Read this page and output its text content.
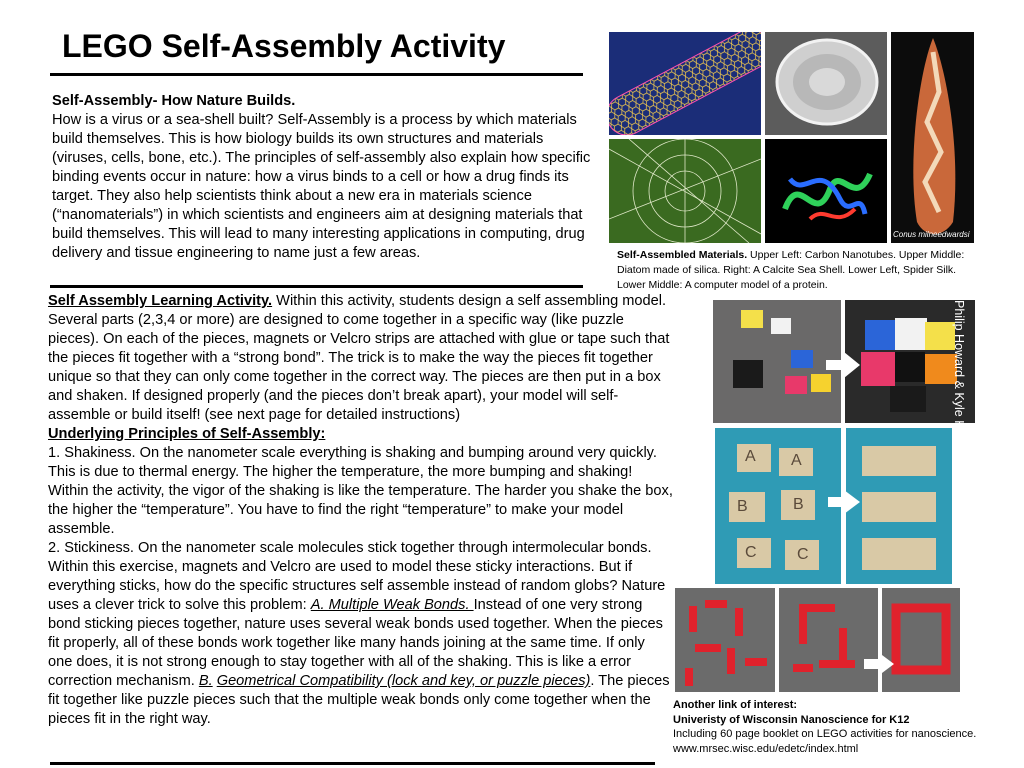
LEGO Self-Assembly Activity
Self-Assembly- How Nature Builds.
How is a virus or a sea-shell built? Self-Assembly is a process by which materials build themselves. This is how biology builds its own structures and materials (viruses, cells, bone, etc.). The principles of self-assembly also explain how specific binding events occur in nature: how a virus binds to a cell or how a drug finds its target. They also help scientists think about a new era in materials science (“nanomaterials”) in which scientists and engineers aim at designing materials that build themselves. This will lead to many interesting applications in computing, drug delivery and tissue engineering to name just a few areas.
Self Assembly Learning Activity. Within this activity, students design a self assembling model. Several parts (2,3,4 or more) are designed to come together in a specific way (like puzzle pieces). On each of the pieces, magnets or Velcro strips are attached with glue or tape such that the pieces fit together with a “strong bond”. The trick is to make the way the pieces fit together unique so that they can only come together in the correct way. The pieces are then put in a box and shaken. If designed properly (and the pieces don’t break apart), your model will self-assemble or build itself! (see next page for detailed instructions)
Underlying Principles of Self-Assembly:
1. Shakiness. On the nanometer scale everything is shaking and bumping around very quickly. This is due to thermal energy. The higher the temperature, the more bumping and shaking! Within the activity, the vigor of the shaking is like the temperature. The harder you shake the box, the higher the “temperature”. You have to find the right “temperature” to make your model assemble.
2. Stickiness. On the nanometer scale molecules stick together through intermolecular bonds. Within this exercise, magnets and Velcro are used to model these sticky interactions. But if everything sticks, how do the specific structures self assemble instead of random globs? Nature uses a clever trick to solve this problem: A. Multiple Weak Bonds. Instead of one very strong bond sticking pieces together, nature uses several weak bonds used together. When the pieces fit properly, all of these bonds work together like many hands joining at the same time. If only one does, it is not strong enough to stay together with all of the shaking. This is like a error correction mechanism. B. Geometrical Compatibility (lock and key, or puzzle pieces). The pieces fit together like puzzle pieces such that the multiple weak bonds only come together when the pieces fit in the right way.
Conus milneedwardsi
Self-Assembled Materials. Upper Left: Carbon Nanotubes. Upper Middle: Diatom made of silica. Right: A Calcite Sea Shell. Lower Left, Spider Silk. Lower Middle: A computer model of a protein.
Philip Howard & Kyle Higgins
A A
B	B
C	C	Emily Wilde & Feifei Xue
Jeff Grangnolati
Another link of interest:
Univeristy of Wisconsin Nanoscience for K12
Including 60 page booklet on LEGO activities for nanoscience.
www.mrsec.wisc.edu/edetc/index.html
